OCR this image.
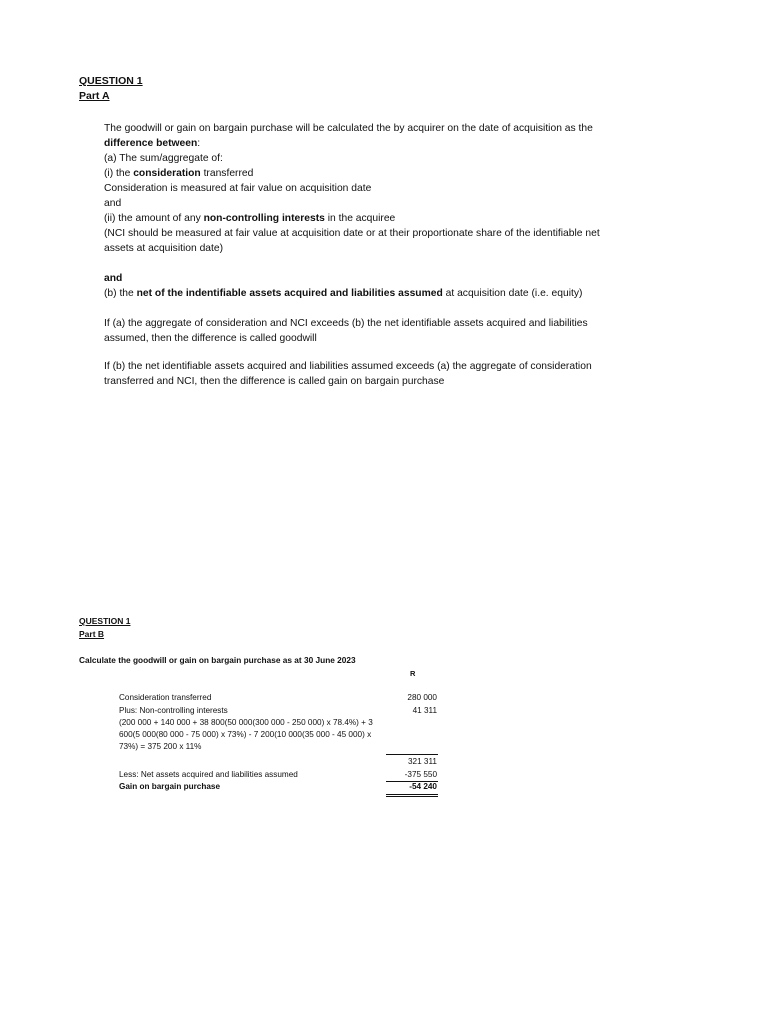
QUESTION 1

Part A

The goodwill or gain on bargain purchase will be calculated the by acquirer on the date of acquisition as the difference between:

(a) The sum/aggregate of:

(i) the consideration transferred

Consideration is measured at fair value on acquisition date

and

(ii) the amount of any non-controlling interests in the acquiree

(NCI should be measured at fair value at acquisition date or at their proportionate share of the identifiable net assets at acquisition date)

and

(b) the net of the indentifiable assets acquired and liabilities assumed at acquisition date (i.e. equity)

If (a) the aggregate of consideration and NCI exceeds (b) the net identifiable assets acquired and liabilities assumed, then the difference is called goodwill

If (b) the net identifiable assets acquired and liabilities assumed exceeds (a) the aggregate of consideration transferred and NCI, then the difference is called gain on bargain purchase

QUESTION 1

Part B

Calculate the goodwill or gain on bargain purchase as at 30 June 2023

R
Consideration transferred	280 000
Plus: Non-controlling interests	41 311
(200 000 + 140 000 + 38 800(50 000(300 000 - 250 000) x 78.4%) + 3 600(5 000(80 000 - 75 000) x 73%) - 7 200(10 000(35 000 - 45 000) x 73%) = 375 200 x 11%
321 311
Less: Net assets acquired and liabilities assumed	-375 550
Gain on bargain purchase	-54 240
